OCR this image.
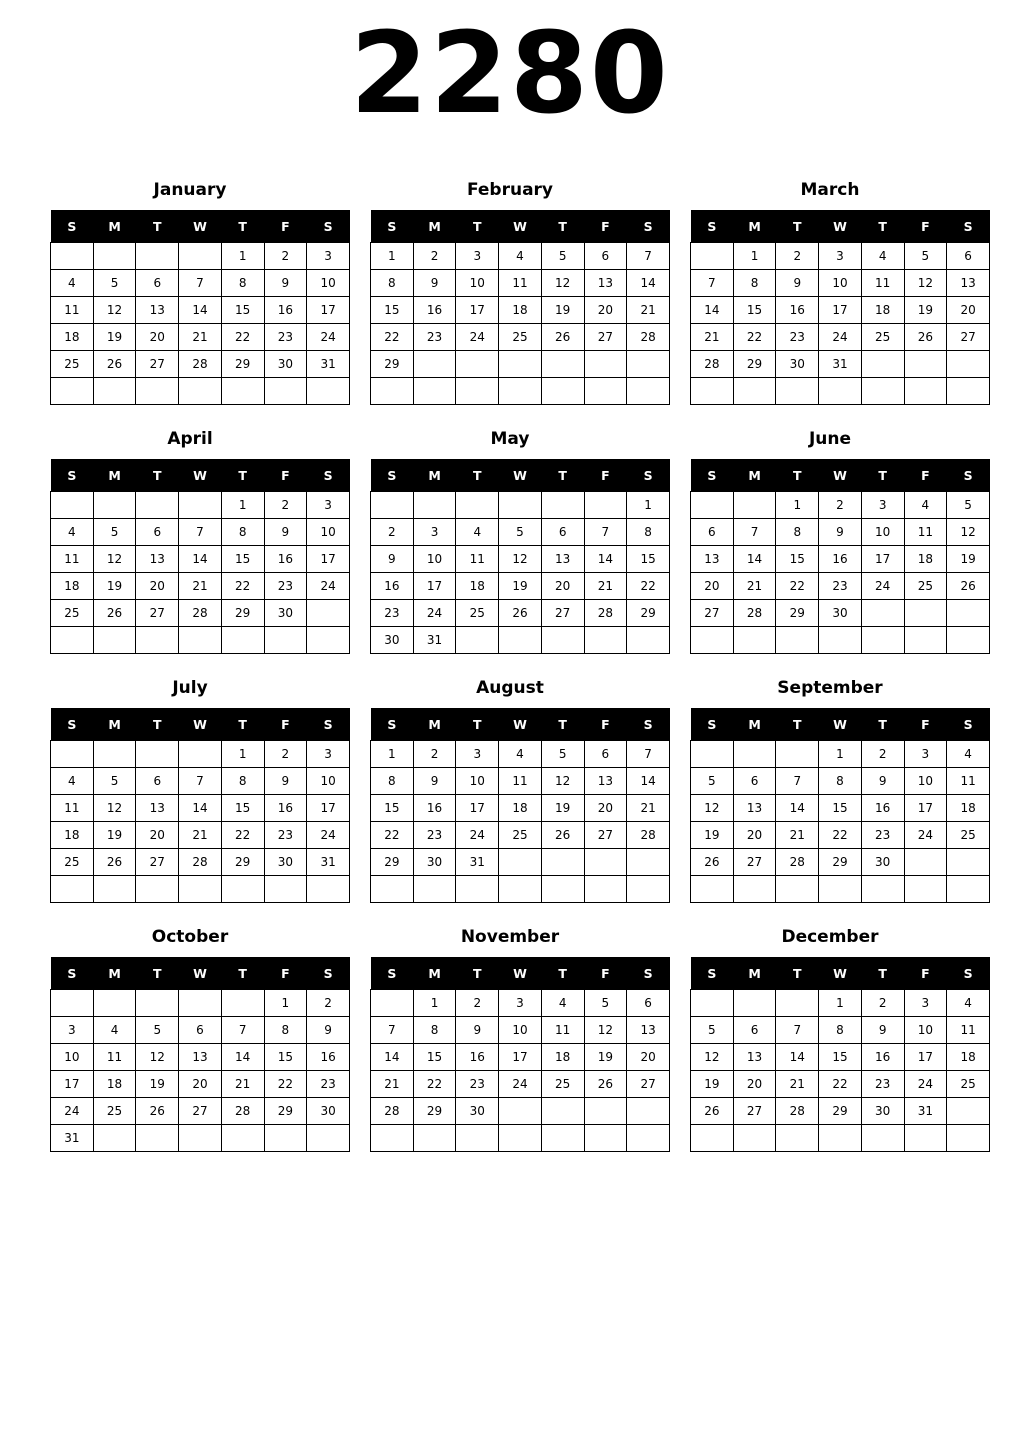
2280
January
S	M	T	W	T	F	S
				1	2	3
4	5	6	7	8	9	10
11	12	13	14	15	16	17
18	19	20	21	22	23	24
25	26	27	28	29	30	31

February
S	M	T	W	T	F	S
1	2	3	4	5	6	7
8	9	10	11	12	13	14
15	16	17	18	19	20	21
22	23	24	25	26	27	28
29						

March
S	M	T	W	T	F	S
	1	2	3	4	5	6
7	8	9	10	11	12	13
14	15	16	17	18	19	20
21	22	23	24	25	26	27
28	29	30	31			

April
S	M	T	W	T	F	S
				1	2	3
4	5	6	7	8	9	10
11	12	13	14	15	16	17
18	19	20	21	22	23	24
25	26	27	28	29	30	

May
S	M	T	W	T	F	S
						1
2	3	4	5	6	7	8
9	10	11	12	13	14	15
16	17	18	19	20	21	22
23	24	25	26	27	28	29
30	31					
June
S	M	T	W	T	F	S
		1	2	3	4	5
6	7	8	9	10	11	12
13	14	15	16	17	18	19
20	21	22	23	24	25	26
27	28	29	30			

July
S	M	T	W	T	F	S
				1	2	3
4	5	6	7	8	9	10
11	12	13	14	15	16	17
18	19	20	21	22	23	24
25	26	27	28	29	30	31

August
S	M	T	W	T	F	S
1	2	3	4	5	6	7
8	9	10	11	12	13	14
15	16	17	18	19	20	21
22	23	24	25	26	27	28
29	30	31				

September
S	M	T	W	T	F	S
			1	2	3	4
5	6	7	8	9	10	11
12	13	14	15	16	17	18
19	20	21	22	23	24	25
26	27	28	29	30		

October
S	M	T	W	T	F	S
					1	2
3	4	5	6	7	8	9
10	11	12	13	14	15	16
17	18	19	20	21	22	23
24	25	26	27	28	29	30
31						
November
S	M	T	W	T	F	S
	1	2	3	4	5	6
7	8	9	10	11	12	13
14	15	16	17	18	19	20
21	22	23	24	25	26	27
28	29	30				

December
S	M	T	W	T	F	S
			1	2	3	4
5	6	7	8	9	10	11
12	13	14	15	16	17	18
19	20	21	22	23	24	25
26	27	28	29	30	31	
